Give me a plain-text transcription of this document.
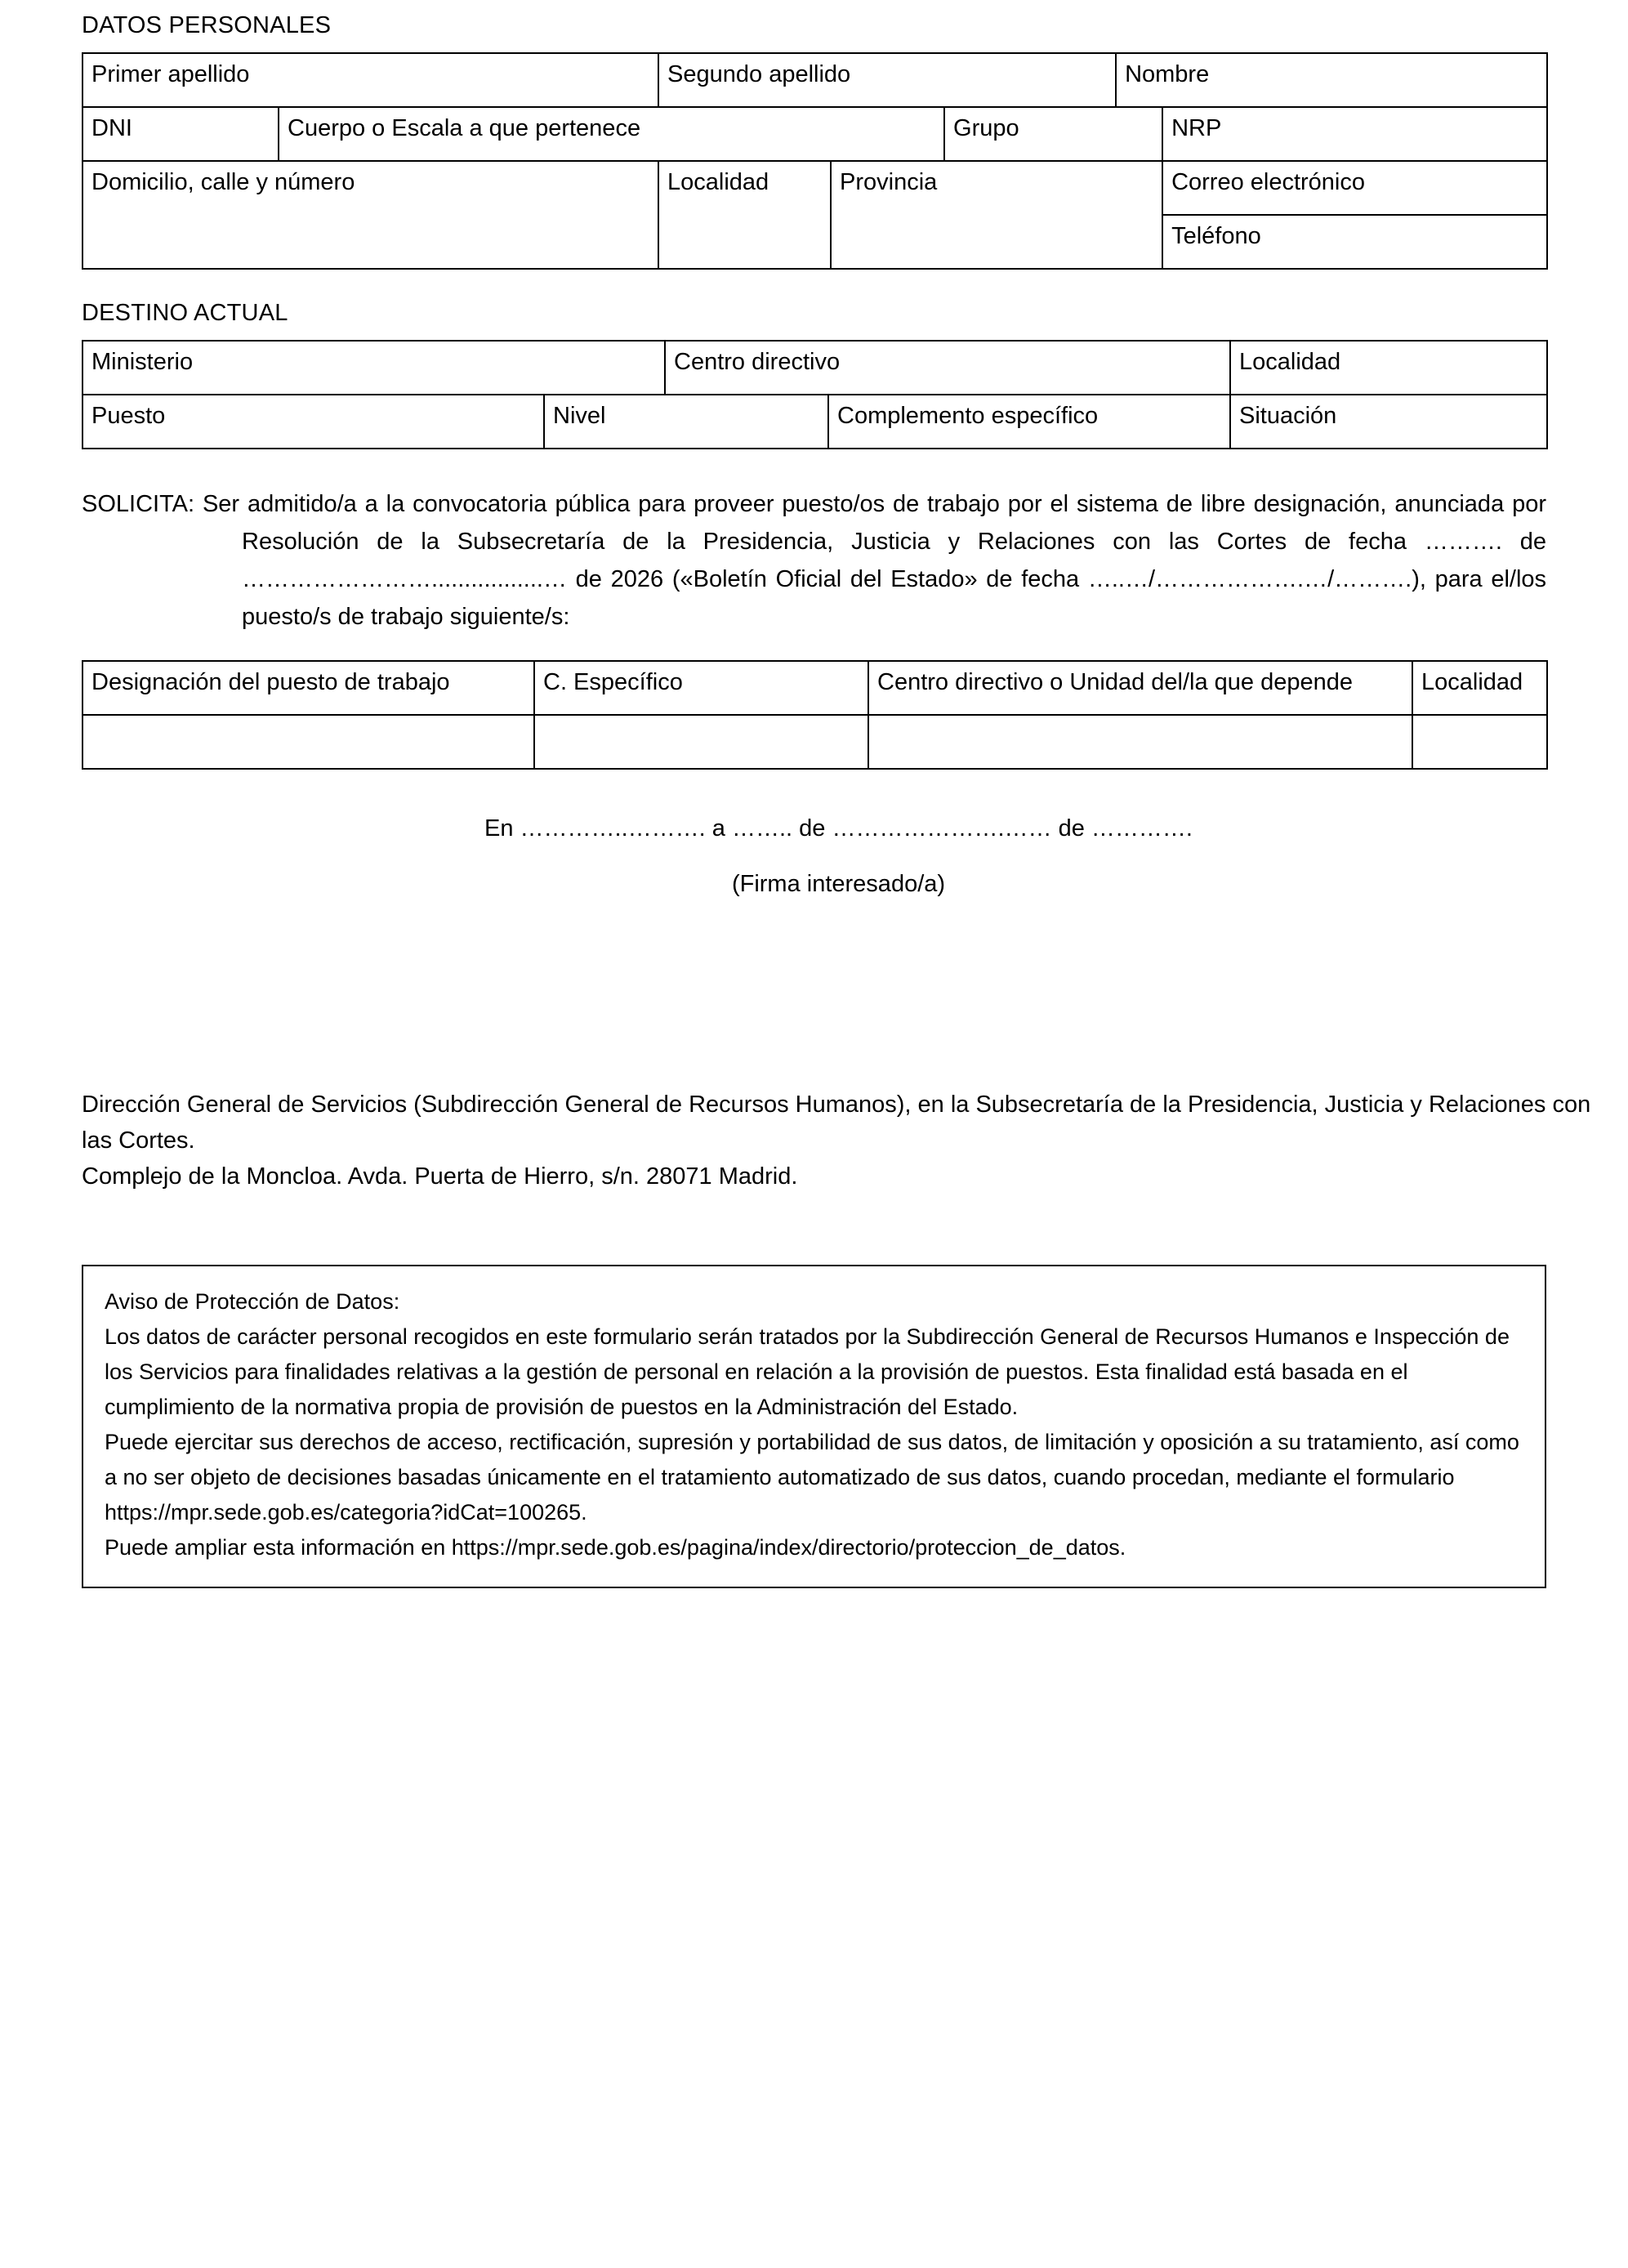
DATOS PERSONALES
Primer apellido		Segundo apellido			Nombre	
DNI	Cuerpo o Escala a que pertenece			Grupo		NRP
Domicilio, calle y número		Localidad	Provincia			Correo electrónico
						Teléfono
DESTINO ACTUAL
Ministerio		Centro directivo		Localidad
Puesto	Nivel		Complemento específico	Situación
SOLICITA: Ser admitido/a a la convocatoria pública para proveer puesto/os de trabajo por el sistema de libre designación, anunciada por Resolución de la Subsecretaría de la Presidencia, Justicia y Relaciones con las Cortes de fecha ………. de …………………….................… de 2026 («Boletín Oficial del Estado» de fecha …..…/……………….…/……….), para el/los puesto/s de trabajo siguiente/s:
Designación del puesto de trabajo	C. Específico	Centro directivo o Unidad del/la que depende	Localidad

En …………..………. a …….. de ………………….…… de ………….
(Firma interesado/a)
Dirección General de Servicios (Subdirección General de Recursos Humanos), en la Subsecretaría de la Presidencia, Justicia y Relaciones con las Cortes.
Complejo de la Moncloa. Avda. Puerta de Hierro, s/n. 28071 Madrid.

Aviso de Protección de Datos:

Los datos de carácter personal recogidos en este formulario serán tratados por la Subdirección General de Recursos Humanos e Inspección de los Servicios para finalidades relativas a la gestión de personal en relación a la provisión de puestos. Esta finalidad está basada en el cumplimiento de la normativa propia de provisión de puestos en la Administración del Estado.

Puede ejercitar sus derechos de acceso, rectificación, supresión y portabilidad de sus datos, de limitación y oposición a su tratamiento, así como a no ser objeto de decisiones basadas únicamente en el tratamiento automatizado de sus datos, cuando procedan, mediante el formulario https://mpr.sede.gob.es/categoria?idCat=100265.

Puede ampliar esta información en https://mpr.sede.gob.es/pagina/index/directorio/proteccion_de_datos.
